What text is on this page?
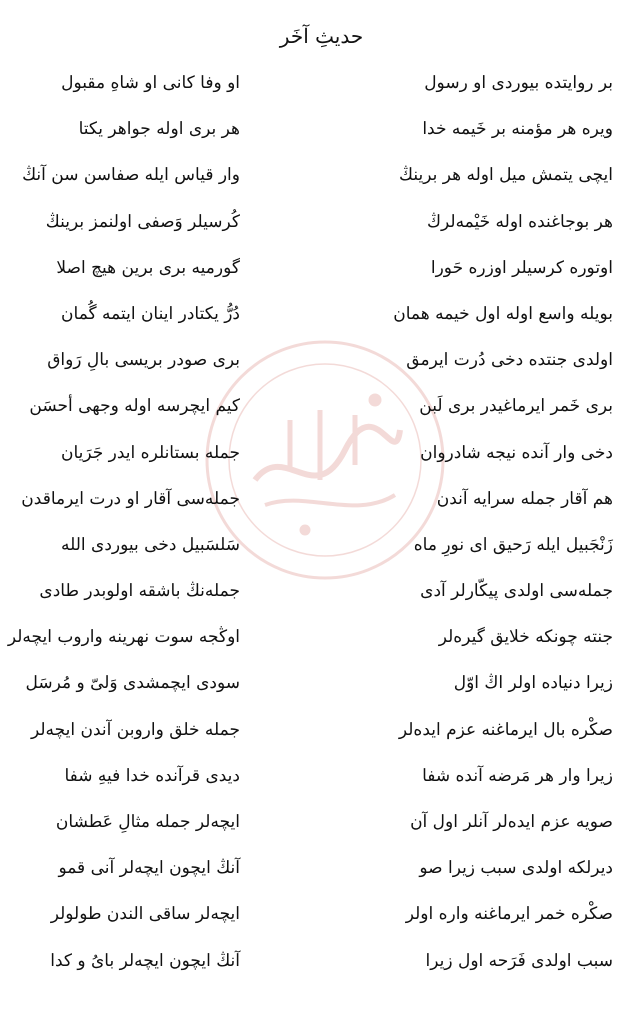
حدیثِ آخَر
بر روایتده بیوردی او رسول
او وفا کانی او شاهِ مقبول
ویره هر مؤمنه بر خَیمه خدا
هر بری اوله جواهر یکتا
ایچی یتمش میل اوله هر برینڭ
وار قیاس ایله صفاسن سن آنڭ
هر بوجاغنده اوله خَیْمه‌لرڭ
کُرسیلر وَصفی اولنمز برینڭ
اوتوره کرسیلر اوزره حَورا
گورمیه بری برین هیچ اصلا
بویله واسع اوله اول خیمه همان
دُرُّ یکتادر اینان ایتمه گُمان
اولدی جنتده دخی دُرت ایرمق
بری صودر بریسی بالِ رَواق
بری خَمر ایرماغیدر بری لَبن
کیم ایچرسه اوله وجهی أحسَن
دخی وار آنده نیجه شادروان
جمله بستانلره ایدر جَرَیان
هم آقار جمله سرایه آندن
جمله‌سی آقار او درت ایرماقدن
زَنْجَبیل ایله رَحیق ای نورِ ماه
سَلسَبیل دخی بیوردی الله
جمله‌سی اولدی پیکّارلر آدی
جمله‌نڭ باشقه اولوبدر طادی
جنته چونکه خلایق گیره‌لر
اوڭجه سوت نهرینه واروب ایچه‌لر
زیرا دنیاده اولر اڭ اوّل
سودی ایچمشدی وَلیّ و مُرسَل
صکْره بال ایرماغنه عزم ایده‌لر
جمله خلق واروبن آندن ایچه‌لر
زیرا وار هر مَرضه آنده شفا
دیدی قرآنده خدا فیهِ شفا
صویه عزم ایده‌لر آنلر اول آن
ایچه‌لر جمله مثالِ عَطشان
دیرلکه اولدی سبب زیرا صو
آنڭ ایچون ایچه‌لر آنی قمو
صکْره خمر ایرماغنه واره اولر
ایچه‌لر ساقی الندن طولولر
سبب اولدی فَرَحه اول زیرا
آنڭ ایچون ایچه‌لر بایُ و کدا
